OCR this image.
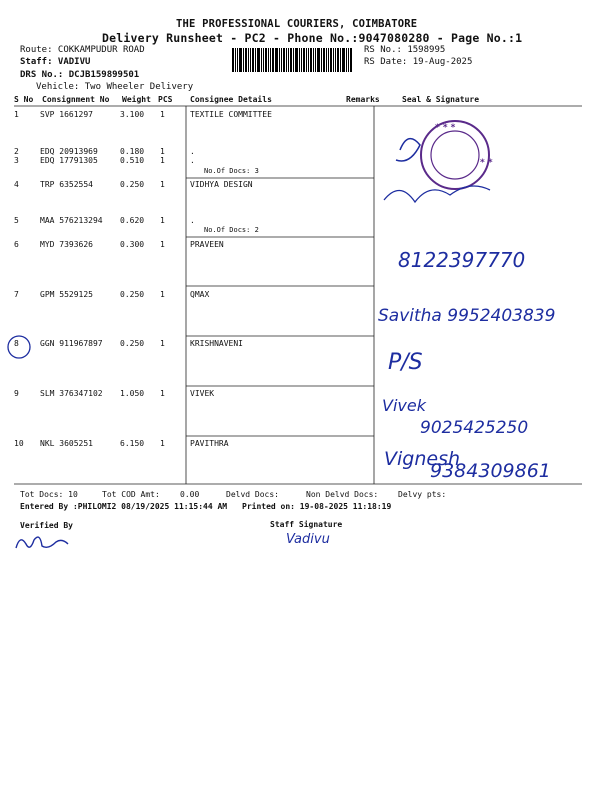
THE PROFESSIONAL COURIERS, COIMBATORE
Delivery Runsheet - PC2 - Phone No.:9047080280 - Page No.:1
Route: COKKAMPUDUR ROAD
Staff: VADIVU
DRS No.: DCJB159899501
Vehicle: Two Wheeler Delivery
RS No.: 1598995
RS Date: 19-Aug-2025
S No Consignment No Weight PCS Consignee Details	Remarks	Seal & Signature
1	SVP 1661297	3.100 1	TEXTILE COMMITTEE
2	EDQ 20913969	0.180 1	.
3	EDQ 17791305	0.510 1	.
No.Of Docs: 3
4	TRP 6352554	0.250 1	VIDHYA DESIGN
5	MAA 576213294 0.620 1	.
No.Of Docs: 2
6	MYD 7393626	0.300 1	PRAVEEN
7	GPM 5529125	0.250 1	QMAX
8	GGN 911967897 0.250 1	KRISHNAVENI
9	SLM 376347102 1.050 1	VIVEK
10 NKL 3605251	6.150 1	PAVITHRA
* * *
* *
8122397770
Savitha 9952403839
P/S
Vivek
9025425250
Vignesh
9384309861
Tot Docs: 10	Tot COD Amt:	0.00	Delvd Docs:	Non Delvd Docs: Delvy pts:
Entered By :PHILOMI2 08/19/2025 11:15:44 AM Printed on: 19-08-2025 11:18:19
Verified By	Staff Signature
Vadivu
